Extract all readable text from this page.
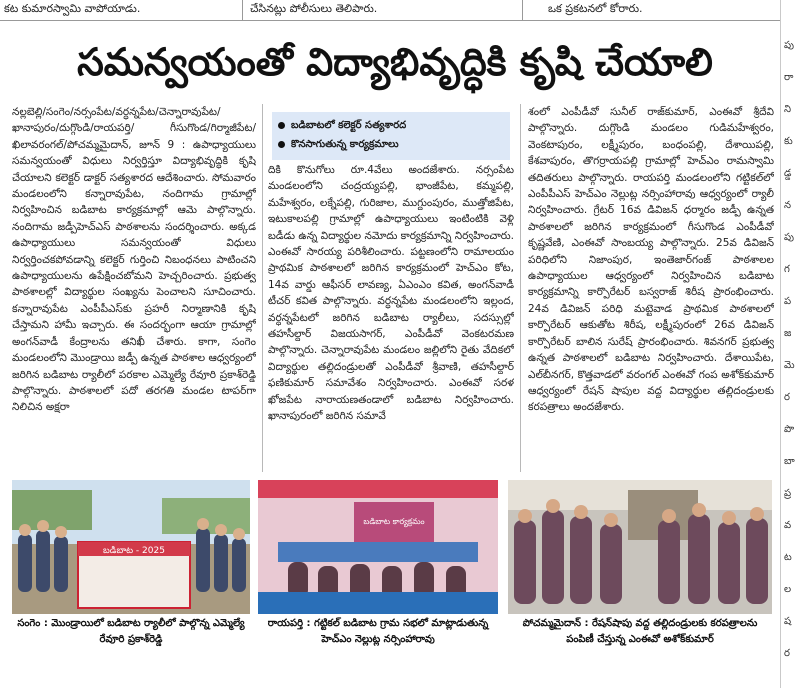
కట కుమారస్వామి వాపోయాడు.	చేసినట్లు పోలీసులు తెలిపారు.	ఒక ప్రకటనలో కోరారు.
సమన్వయంతో విద్యాభివృద్ధికి కృషి చేయాలి
నల్లబెల్లి/సంగెం/నర్సంపేట/వర్ధన్నపేట/చెన్నారావుపేట/ఖానాపురం/దుగ్గొండి/రాయపర్తి/ గీసుగొండ/గిర్మాజీపేట/ఖిలావరంగల్/పోచమ్మమైదాన్, జూన్ 9 : ఉపాధ్యాయులు సమన్వయంతో విధులు నిర్వర్తిస్తూ విద్యాభివృద్ధికి కృషి చేయాలని కలెక్టర్ డాక్టర్ సత్యశారద ఆదేశించారు. సోమవారం మండలంలోని కన్నారావుపేట, నందిగామ గ్రామాల్లో నిర్వహించిన బడిబాట కార్యక్రమాల్లో ఆమె పాల్గొన్నారు. నందిగామ జడ్పీహెచ్ఎస్ పాఠశాలను సందర్శించారు. అక్కడ ఉపాధ్యాయులు సమన్వయంతో విధులు నిర్వర్తించకపోవడాన్ని కలెక్టర్ గుర్తించి నిబంధనలు పాటించని ఉపాధ్యాయులను ఉపేక్షించబోమని హెచ్చరించారు. ప్రభుత్వ పాఠశాలల్లో విద్యార్థుల సంఖ్యను పెంచాలని సూచించారు. కన్నారావుపేట ఎంపీపీఎస్‌కు ప్రహరీ నిర్మాణానికి కృషి చేస్తామని హామీ ఇచ్చారు. ఈ సందర్భంగా ఆయా గ్రామాల్లో అంగన్‌వాడీ కేంద్రాలను తనిఖీ చేశారు. కాగా, సంగెం మండలంలోని మొండ్రాయి జడ్పీ ఉన్నత పాఠశాల ఆధ్వర్యంలో జరిగిన బడిబాట ర్యాలీలో పరకాల ఎమ్మెల్యే రేవూరి ప్రకాశ్‌రెడ్డి పాల్గొన్నారు. పాఠశాలలో పదో తరగతి మండల టాపర్‌గా నిలిచిన అక్షరా
బడిబాటలో కలెక్టర్ సత్యశారద
కొనసాగుతున్న కార్యక్రమాలు
దికి కొనుగోలు రూ.4వేలు అందజేశారు. నర్సంపేట మండలంలోని చంద్రయ్యపల్లి, భాంజీపేట, కమ్మపల్లి, మహేశ్వరం, లక్నేపల్లి, గురిజాల, ముగ్దుంపురం, ముత్తోజిపేట, ఇటుకాలపల్లి గ్రామాల్లో ఉపాధ్యాయులు ఇంటింటికి వెళ్లి బడీడు ఉన్న విద్యార్థుల నమోదు కార్యక్రమాన్ని నిర్వహించారు. ఎంఈవో సారయ్య పరిశీలించారు. పట్టణంలోని రామాలయం ప్రాథమిక పాఠశాలలో జరిగిన కార్యక్రమంలో హెచ్‌ఎం కోట, 14వ వార్డు ఆఫీసర్ లావణ్య, ఏఎంఎం కవిత, అంగన్‌వాడీ టీచర్ కవిత పాల్గొన్నారు. వర్ధన్నపేట మండలంలోని ఇల్లంద, వర్ధన్నపేటలో జరిగిన బడిబాట ర్యాలీలు, సదస్సుల్లో తహసీల్దార్ విజయసాగర్, ఎంపీడీవో వెంకటరమణ పాల్గొన్నారు. చెన్నారావుపేట మండలం జల్లిలోని రైతు వేదికలో విద్యార్థుల తల్లిదండ్రులతో ఎంపీడీవో శ్రీవాణి, తహసీల్దార్ ఫణికుమార్ సమావేశం నిర్వహించారు. ఎంఈవో సరళ ఖోజపేట నారాయణతండాలో బడిబాట నిర్వహించారు. ఖానాపురంలో జరిగిన సమావే
శంలో ఎంపీడీవో సునీల్ రాజ్‌కుమార్, ఎంఈవో శ్రీదేవి పాల్గొన్నారు. దుగ్గొండి మండలం గుడిమహేశ్వరం, వెంకటాపురం, లక్ష్మీపురం, బంధంపల్లి, దేశాయిపల్లి, కేశవాపురం, తొగర్రాయపల్లి గ్రామాల్లో హెచ్‌ఎం రామస్వామి తదితరులు పాల్గొన్నారు. రాయపర్తి మండలంలోని గట్టికల్‌లో ఎంపీపీఎస్ హెచ్‌ఎం నెల్లుట్ల నర్సింహారావు ఆధ్వర్యంలో ర్యాలీ నిర్వహించారు. గ్రేటర్ 16వ డివిజన్ ధర్మారం జడ్పీ ఉన్నత పాఠశాలలో జరిగిన కార్యక్రమంలో గీసుగొండ ఎంపీడీవో కృష్ణవేణి, ఎంఈవో సాంబయ్య పాల్గొన్నారు. 25వ డివిజన్ పరిధిలోని నిజాంపుర, ఇంతెజార్‌గంజ్ పాఠశాలల ఉపాధ్యాయుల ఆధ్వర్యంలో నిర్వహించిన బడిబాట కార్యక్రమాన్ని కార్పొరేటర్ బస్వరాజ్ శిరీష ప్రారంభించారు. 24వ డివిజన్ పరిధి మట్టెవాడ ప్రాథమిక పాఠశాలలో కార్పొరేటర్ ఆకుతోట శిరీష, లక్ష్మీపురంలో 26వ డివిజన్ కార్పొరేటర్ బాలిన సురేష్ ప్రారంభించారు. శివనగర్ ప్రభుత్వ ఉన్నత పాఠశాలలో బడిబాట నిర్వహించారు. దేశాయిపేట, ఎల్‌బీనగర్, కొత్తవాడలో వరంగల్ ఎంఈవో గంప అశోక్‌కుమార్ ఆధ్వర్యంలో రేషన్ షాపుల వద్ద విద్యార్థుల తల్లిదండ్రులకు కరపత్రాలు అందజేశారు.
బడిబాట - 2025
బడిబాట కార్యక్రమం
సంగెం : మొండ్రాయిలో బడిబాట ర్యాలీలో పాల్గొన్న ఎమ్మెల్యే రేవూరి ప్రకాశ్‌రెడ్డి
రాయపర్తి : గట్టికల్ బడిబాట గ్రామ సభలో మాట్లాడుతున్న హెచ్‌ఎం నెల్లుట్ల నర్సింహారావు
పోచమ్మమైదాన్ : రేషన్‌షాపు వద్ద తల్లిదండ్రులకు కరపత్రాలను పంపిణీ చేస్తున్న ఎంఈవో అశోక్‌కుమార్
పు
రా
ని
కు
డ్డ
న
పు
గ
ప
జ
మె
ర
పొ
బా
ప్ర
వ
ట
ల
ష
ర
